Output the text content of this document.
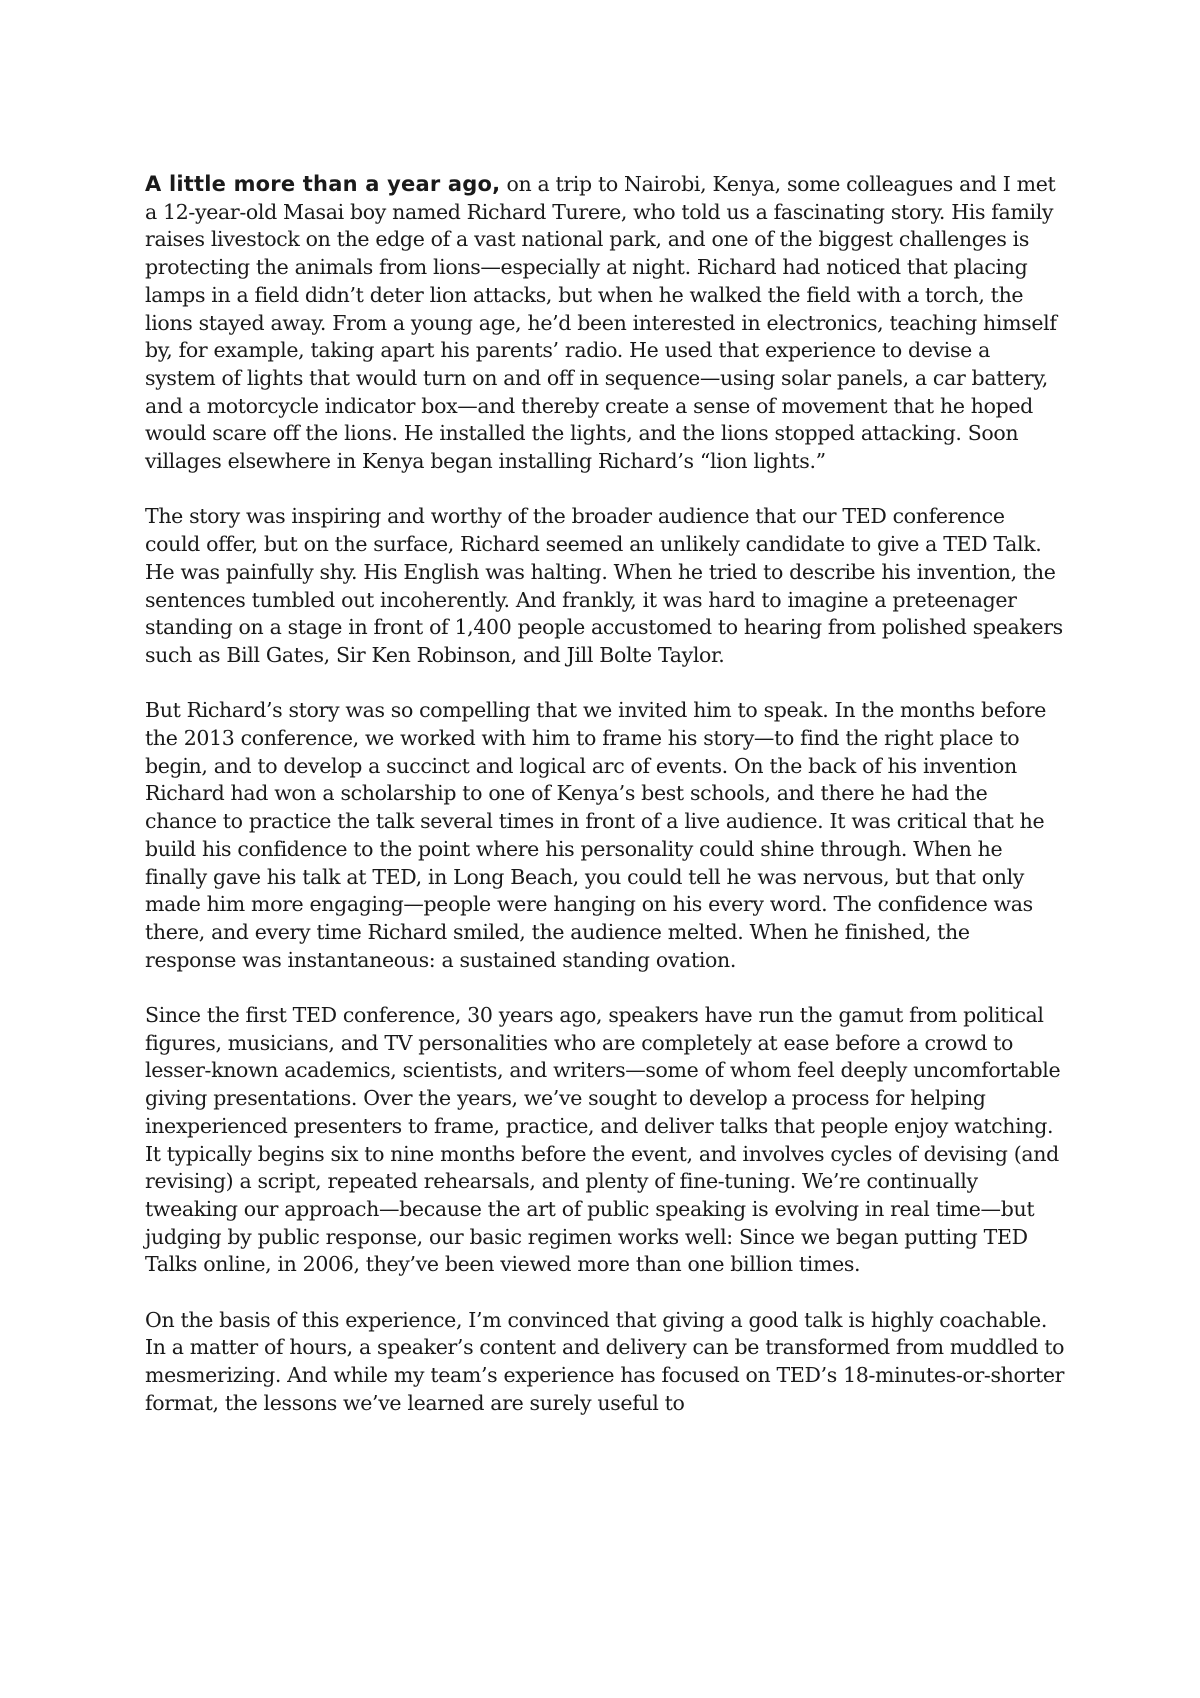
A little more than a year ago, on a trip to Nairobi, Kenya, some colleagues and I met a 12-year-old Masai boy named Richard Turere, who told us a fascinating story. His family raises livestock on the edge of a vast national park, and one of the biggest challenges is protecting the animals from lions—especially at night. Richard had noticed that placing lamps in a field didn’t deter lion attacks, but when he walked the field with a torch, the lions stayed away. From a young age, he’d been interested in electronics, teaching himself by, for example, taking apart his parents’ radio. He used that experience to devise a system of lights that would turn on and off in sequence—using solar panels, a car battery, and a motorcycle indicator box—and thereby create a sense of movement that he hoped would scare off the lions. He installed the lights, and the lions stopped attacking. Soon villages elsewhere in Kenya began installing Richard’s “lion lights.”

The story was inspiring and worthy of the broader audience that our TED conference could offer, but on the surface, Richard seemed an unlikely candidate to give a TED Talk. He was painfully shy. His English was halting. When he tried to describe his invention, the sentences tumbled out incoherently. And frankly, it was hard to imagine a preteenager standing on a stage in front of 1,400 people accustomed to hearing from polished speakers such as Bill Gates, Sir Ken Robinson, and Jill Bolte Taylor.

But Richard’s story was so compelling that we invited him to speak. In the months before the 2013 conference, we worked with him to frame his story—to find the right place to begin, and to develop a succinct and logical arc of events. On the back of his invention Richard had won a scholarship to one of Kenya’s best schools, and there he had the chance to practice the talk several times in front of a live audience. It was critical that he build his confidence to the point where his personality could shine through. When he finally gave his talk at TED, in Long Beach, you could tell he was nervous, but that only made him more engaging—people were hanging on his every word. The confidence was there, and every time Richard smiled, the audience melted. When he finished, the response was instantaneous: a sustained standing ovation.

Since the first TED conference, 30 years ago, speakers have run the gamut from political figures, musicians, and TV personalities who are completely at ease before a crowd to lesser-known academics, scientists, and writers—some of whom feel deeply uncomfortable giving presentations. Over the years, we’ve sought to develop a process for helping inexperienced presenters to frame, practice, and deliver talks that people enjoy watching. It typically begins six to nine months before the event, and involves cycles of devising (and revising) a script, repeated rehearsals, and plenty of fine-tuning. We’re continually tweaking our approach—because the art of public speaking is evolving in real time—but judging by public response, our basic regimen works well: Since we began putting TED Talks online, in 2006, they’ve been viewed more than one billion times.

On the basis of this experience, I’m convinced that giving a good talk is highly coachable. In a matter of hours, a speaker’s content and delivery can be transformed from muddled to mesmerizing. And while my team’s experience has focused on TED’s 18-minutes-or-shorter format, the lessons we’ve learned are surely useful to
